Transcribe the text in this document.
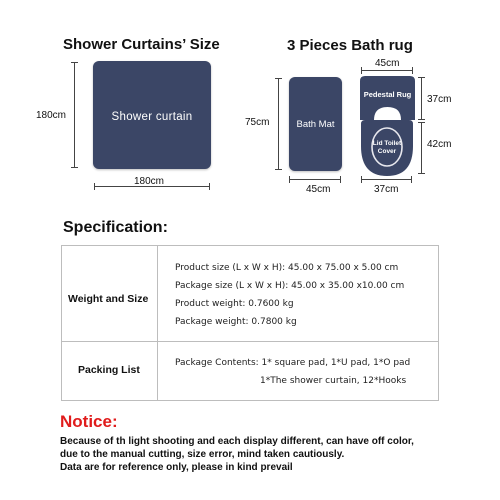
Shower Curtains’ Size
Shower curtain
180cm
180cm
3 Pieces Bath rug
Bath Mat
75cm
45cm
45cm
Pedestal Rug	37cm
Lid Toilet
Cover
42cm
37cm
Specification:
Weight and Size
Product size (L x W x H): 45.00 x 75.00 x 5.00 cm
Package size (L x W x H): 45.00 x 35.00 x10.00 cm
Product weight: 0.7600 kg
Package weight: 0.7800 kg
Packing List
Package Contents: 1* square pad, 1*U pad, 1*O pad
1*The shower curtain, 12*Hooks
Notice:
Because of th light shooting and each display different, can have off color,
due to the manual cutting, size error, mind taken cautiously.
Data are for reference only, please in kind prevail
